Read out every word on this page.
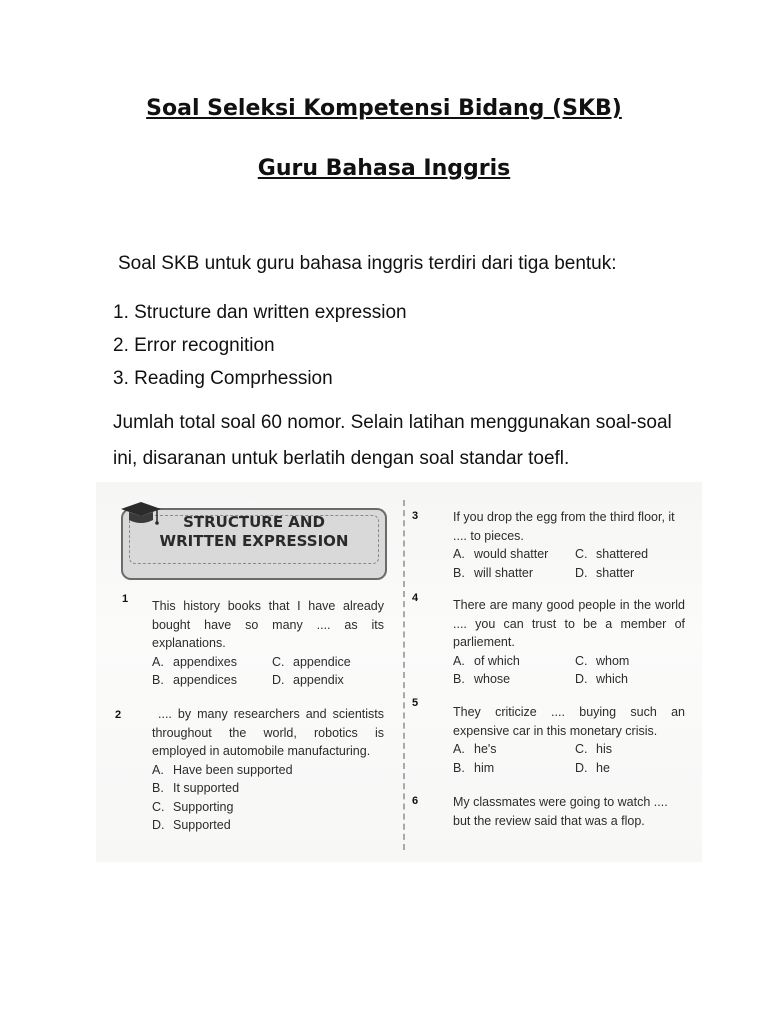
Soal Seleksi Kompetensi Bidang (SKB)
Guru Bahasa Inggris

Soal SKB untuk guru bahasa inggris terdiri dari tiga bentuk:

1. Structure dan written expression
2. Error recognition
3. Reading Comprhession

Jumlah total soal 60 nomor. Selain latihan menggunakan soal-soal ini, disaranan untuk berlatih dengan soal standar toefl.

STRUCTURE AND
WRITTEN EXPRESSION
1 This history books that I have already bought have so many .... as its explanations.

A. appendixes	C. appendice
B. appendices	D. appendix
2	.... by many researchers and scientists throughout the world, robotics is employed in automobile manufacturing.

A. Have been supported
B. It supported
C. Supporting
D. Supported
3	If you drop the egg from the third floor, it .... to pieces.

A. would shatter	C. shattered
B. will shatter	D. shatter
4	There are many good people in the world .... you can trust to be a member of parliement.

A. of which	C. whom
B. whose	D. which
5

They criticize .... buying such an expensive car in this monetary crisis.

A. he's	C. his
B. him	D. he
6	My classmates were going to watch .... but the review said that was a flop.
